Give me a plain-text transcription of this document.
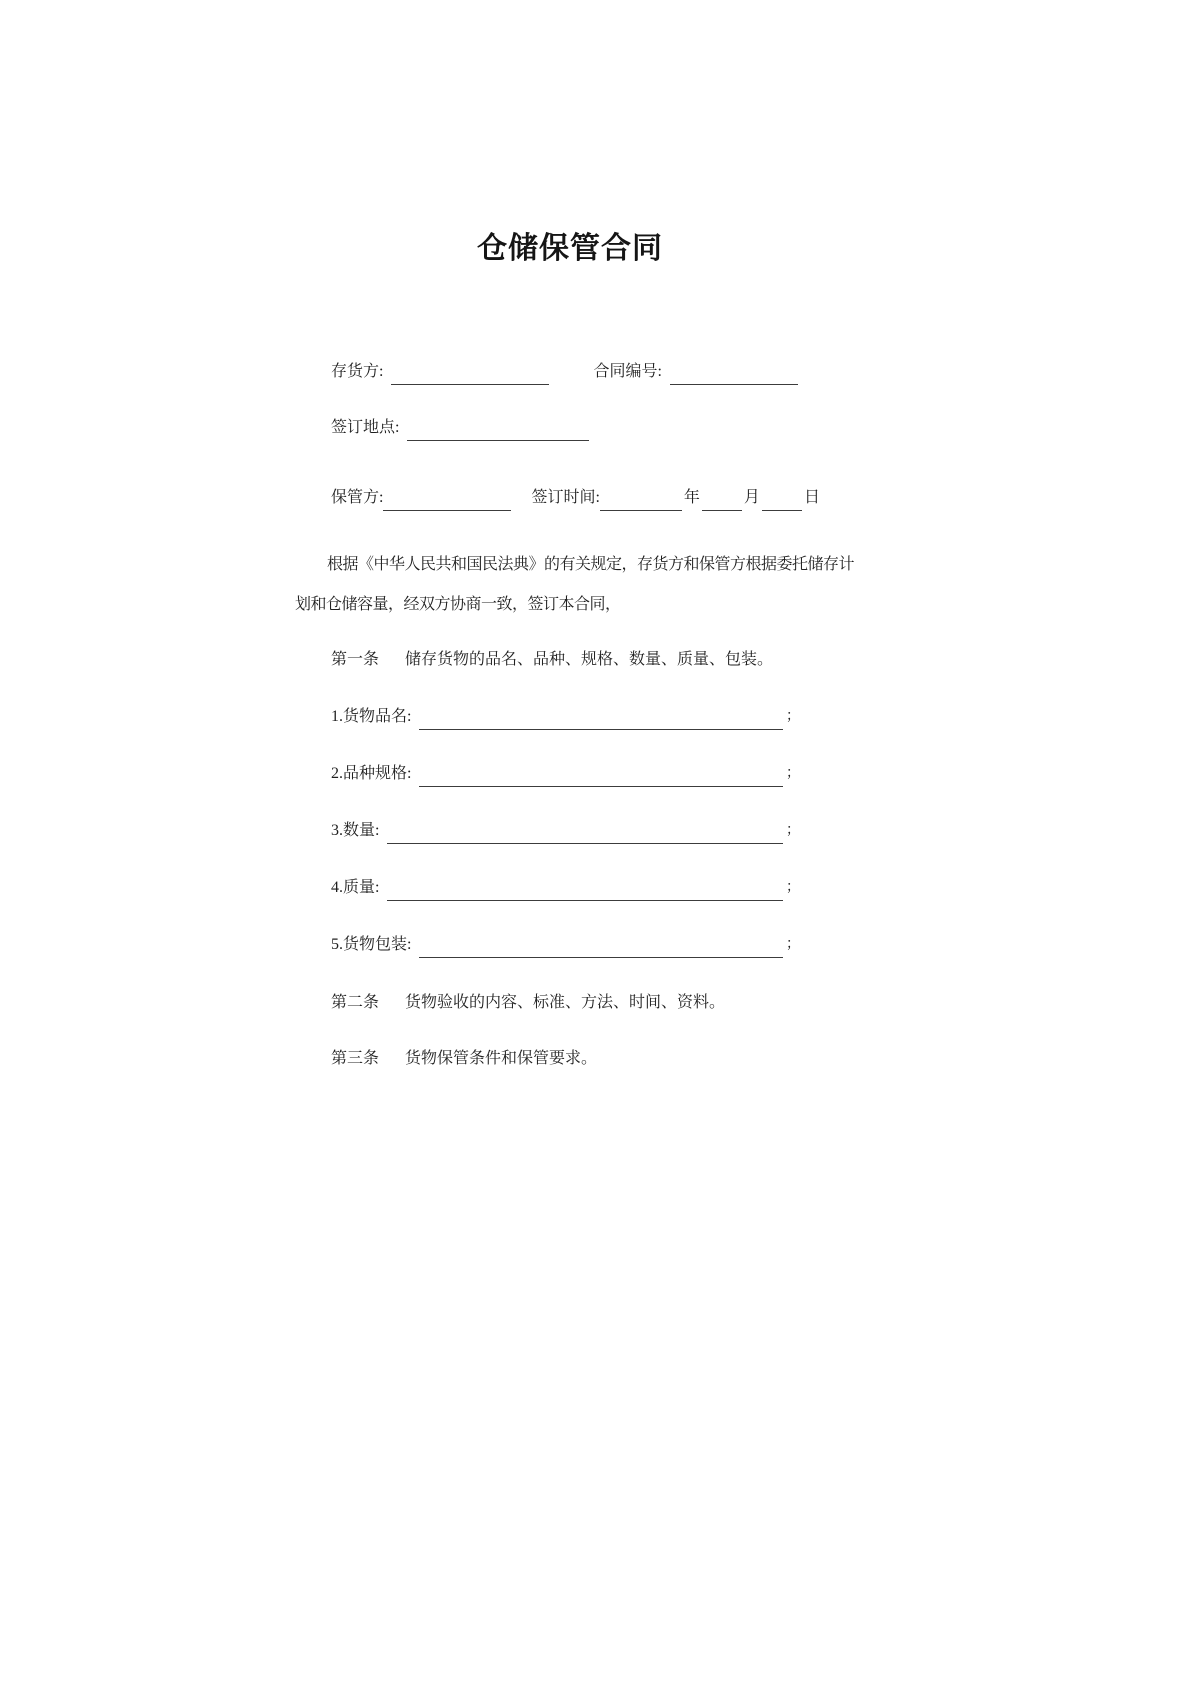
仓储保管合同
存货方:	合同编号:
签订地点:
保管方:	签订时间:	年	月	日
根据《中华人民共和国民法典》的有关规定，存货方和保管方根据委托储存计
划和仓储容量，经双方协商一致，签订本合同，
第一条 储存货物的品名、品种、规格、数量、质量、包装。
1.货物品名:	；
2.品种规格:	；
3.数量:	；
4.质量:	；
5.货物包装:	；
第二条 货物验收的内容、标准、方法、时间、资料。
第三条 货物保管条件和保管要求。
